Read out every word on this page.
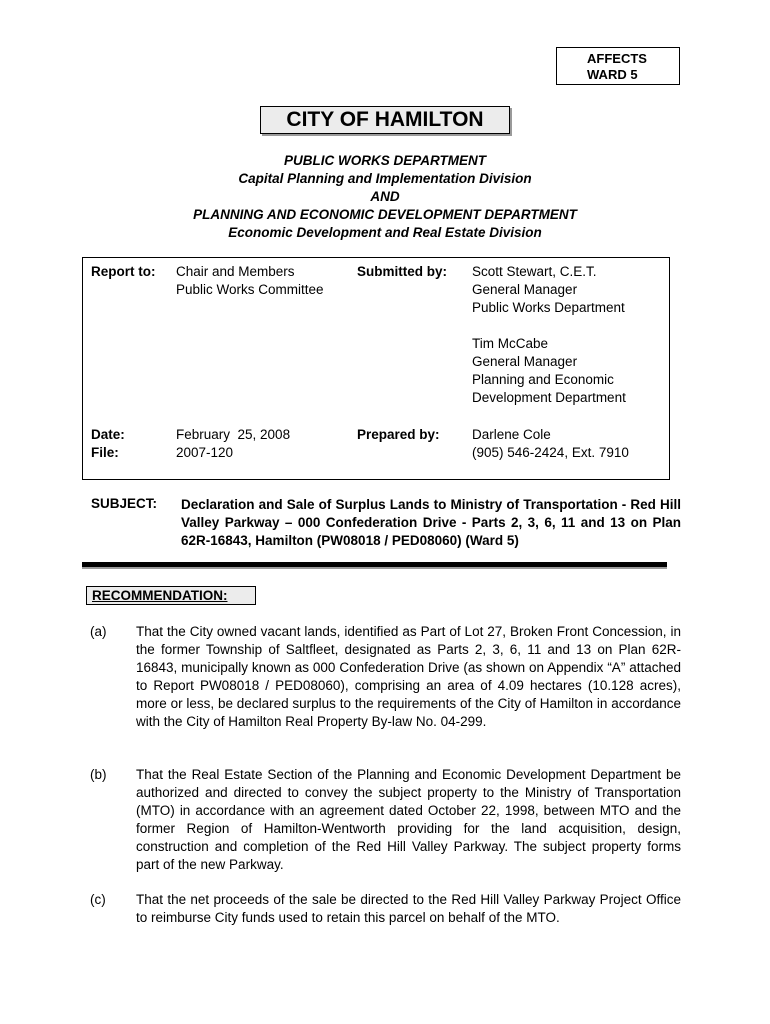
AFFECTS
WARD 5
CITY OF HAMILTON
PUBLIC WORKS DEPARTMENT
Capital Planning and Implementation Division
AND
PLANNING AND ECONOMIC DEVELOPMENT DEPARTMENT
Economic Development and Real Estate Division
Report to: Chair and Members
Public Works Committee
Submitted by: Scott Stewart, C.E.T.
General Manager
Public Works Department
Tim McCabe
General Manager
Planning and Economic
Development Department
Date:
File:
February  25, 2008
2007-120
Prepared by: Darlene Cole
(905) 546-2424, Ext. 7910
SUBJECT: Declaration and Sale of Surplus Lands to Ministry of Transportation - Red Hill Valley Parkway – 000 Confederation Drive - Parts 2, 3, 6, 11 and 13 on Plan 62R-16843, Hamilton (PW08018 / PED08060) (Ward 5)
RECOMMENDATION:
(a) That the City owned vacant lands, identified as Part of Lot 27, Broken Front Concession, in the former Township of Saltfleet, designated as Parts 2, 3, 6, 11 and 13 on Plan 62R-16843, municipally known as 000 Confederation Drive (as shown on Appendix “A” attached to Report PW08018 / PED08060), comprising an area of 4.09 hectares (10.128 acres), more or less, be declared surplus to the requirements of the City of Hamilton in accordance with the City of Hamilton Real Property By-law No. 04-299.
(b) That the Real Estate Section of the Planning and Economic Development Department be authorized and directed to convey the subject property to the Ministry of Transportation (MTO) in accordance with an agreement dated October 22, 1998, between MTO and the former Region of Hamilton-Wentworth providing for the land acquisition, design, construction and completion of the Red Hill Valley Parkway. The subject property forms part of the new Parkway.
(c) That the net proceeds of the sale be directed to the Red Hill Valley Parkway Project Office to reimburse City funds used to retain this parcel on behalf of the MTO.
